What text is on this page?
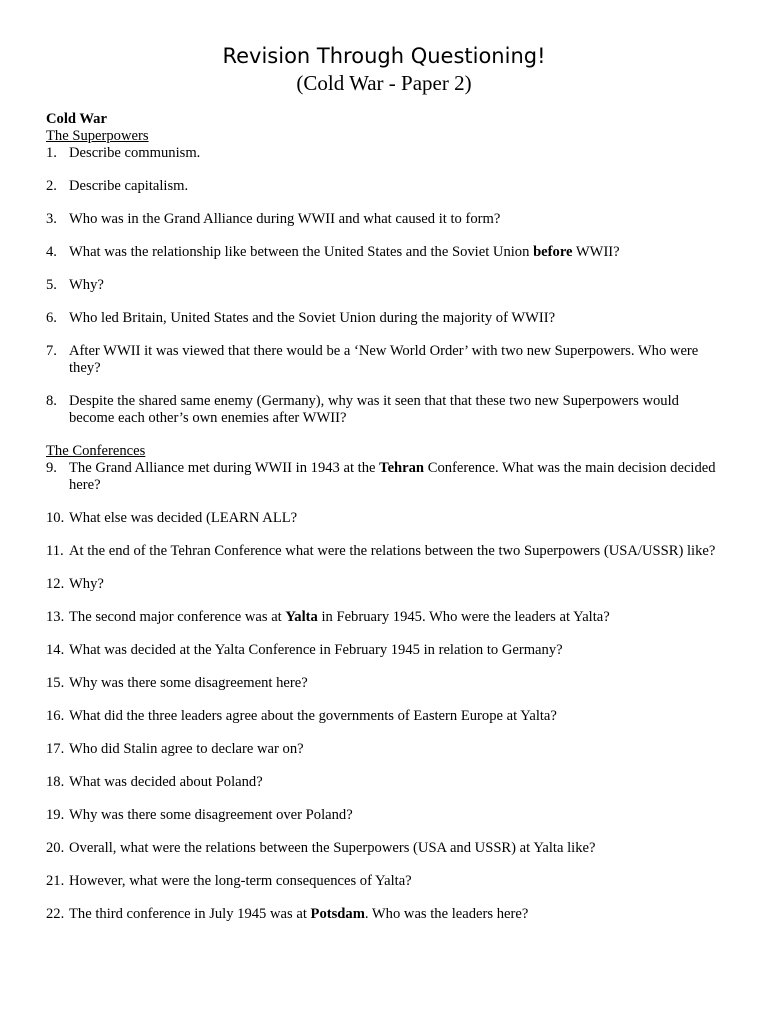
Revision Through Questioning!
(Cold War - Paper 2)

Cold War

The Superpowers

1. Describe communism.
2. Describe capitalism.
3. Who was in the Grand Alliance during WWII and what caused it to form?
4. What was the relationship like between the United States and the Soviet Union before WWII?
5. Why?
6. Who led Britain, United States and the Soviet Union during the majority of WWII?
7. After WWII it was viewed that there would be a ‘New World Order’ with two new Superpowers. Who were they?
8. Despite the shared same enemy (Germany), why was it seen that that these two new Superpowers would become each other’s own enemies after WWII?

The Conferences

9. The Grand Alliance met during WWII in 1943 at the Tehran Conference. What was the main decision decided here?
10. What else was decided (LEARN ALL?
11. At the end of the Tehran Conference what were the relations between the two Superpowers (USA/USSR) like?
12. Why?
13. The second major conference was at Yalta in February 1945. Who were the leaders at Yalta?
14. What was decided at the Yalta Conference in February 1945 in relation to Germany?
15. Why was there some disagreement here?
16. What did the three leaders agree about the governments of Eastern Europe at Yalta?
17. Who did Stalin agree to declare war on?
18. What was decided about Poland?
19. Why was there some disagreement over Poland?
20. Overall, what were the relations between the Superpowers (USA and USSR) at Yalta like?
21. However, what were the long-term consequences of Yalta?
22. The third conference in July 1945 was at Potsdam. Who was the leaders here?
